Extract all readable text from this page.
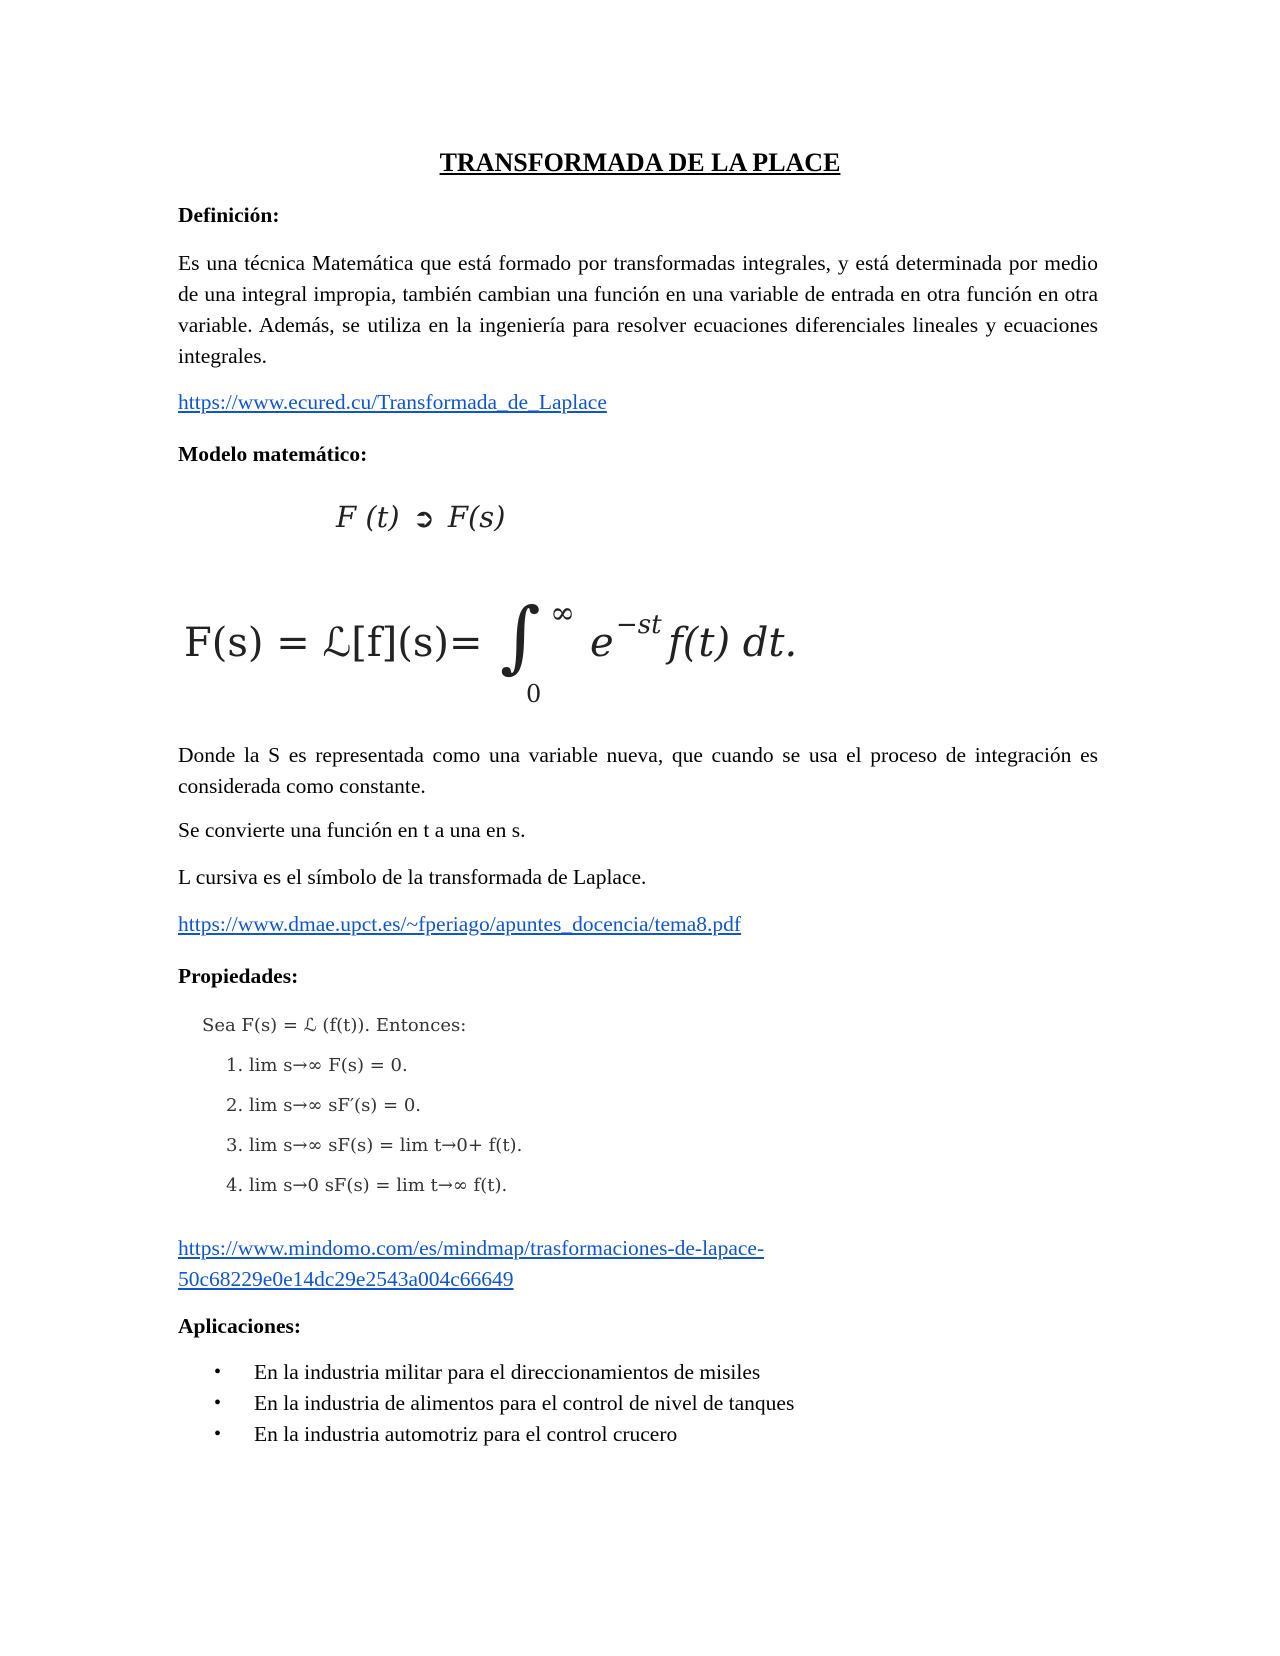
TRANSFORMADA DE LA PLACE
Definición:
Es una técnica Matemática que está formado por transformadas integrales, y está determinada por medio de una integral impropia, también cambian una función en una variable de entrada en otra función en otra variable. Además, se utiliza en la ingeniería para resolver ecuaciones diferenciales lineales y ecuaciones integrales.
https://www.ecured.cu/Transformada_de_Laplace
Modelo matemático:
F (t) ➲ F(s)
F(s) = ℒ[f](s)= ∫ ∞
0
e −st f(t) dt.
Donde la S es representada como una variable nueva, que cuando se usa el proceso de integración es considerada como constante.
Se convierte una función en t a una en s.
L cursiva es el símbolo de la transformada de Laplace.
https://www.dmae.upct.es/~fperiago/apuntes_docencia/tema8.pdf
Propiedades:
Sea F(s) = ℒ (f(t)). Entonces:
1. lim s→∞ F(s) = 0.
2. lim s→∞ sF′(s) = 0.
3. lim s→∞ sF(s) = lim t→0+ f(t).
4. lim s→0 sF(s) = lim t→∞ f(t).
https://www.mindomo.com/es/mindmap/trasformaciones-de-lapace-
50c68229e0e14dc29e2543a004c66649
Aplicaciones:
• En la industria militar para el direccionamientos de misiles
• En la industria de alimentos para el control de nivel de tanques
• En la industria automotriz para el control crucero
